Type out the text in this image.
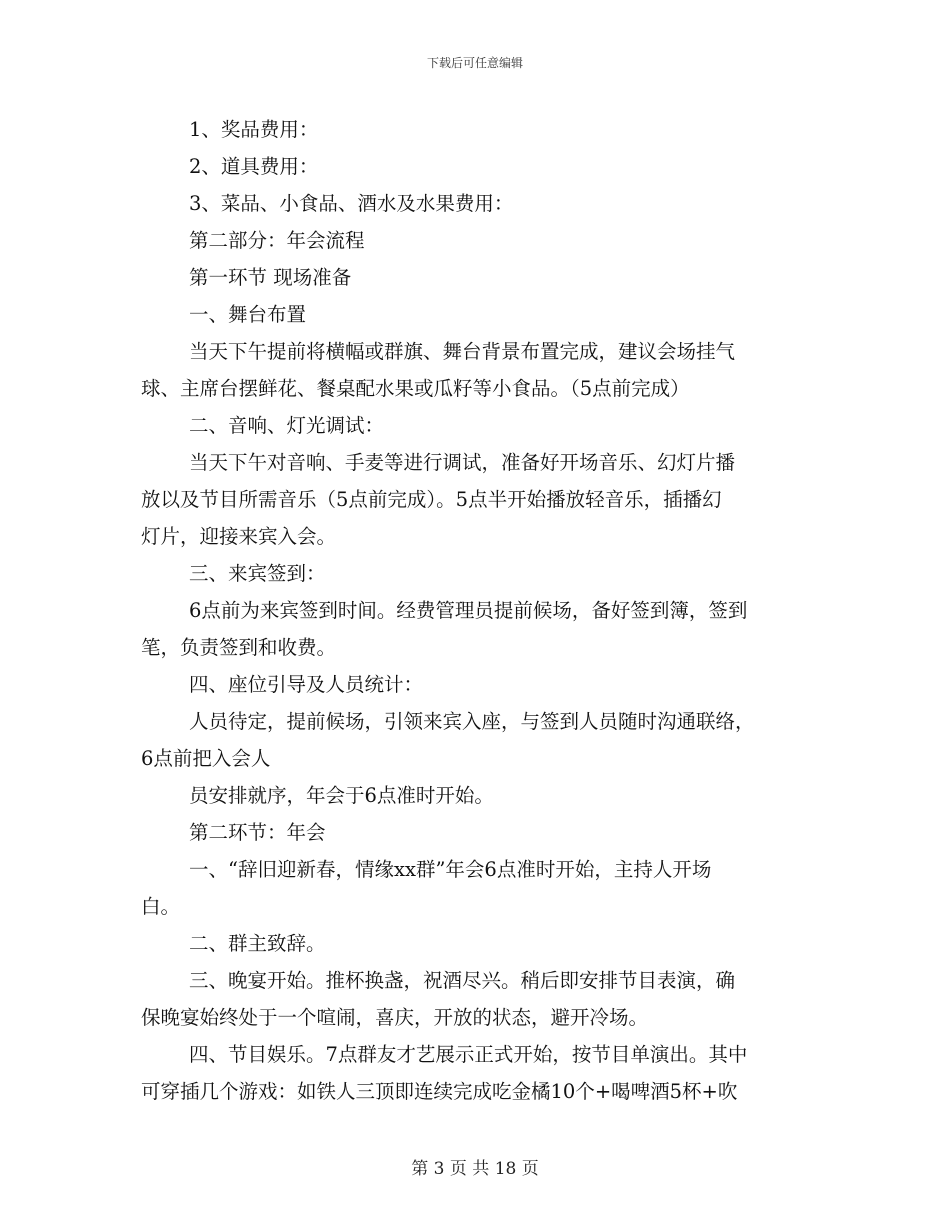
下载后可任意编辑
1、奖品费用：
2、道具费用：
3、菜品、小食品、酒水及水果费用：
第二部分：年会流程
第一环节 现场准备
一、舞台布置
当天下午提前将横幅或群旗、舞台背景布置完成，建议会场挂气
球、主席台摆鲜花、餐桌配水果或瓜籽等小食品。（5点前完成）
二、音响、灯光调试：
当天下午对音响、手麦等进行调试，准备好开场音乐、幻灯片播
放以及节目所需音乐（5点前完成）。5点半开始播放轻音乐，插播幻
灯片，迎接来宾入会。
三、来宾签到：
6点前为来宾签到时间。经费管理员提前候场，备好签到簿，签到
笔，负责签到和收费。
四、座位引导及人员统计：
人员待定，提前候场，引领来宾入座，与签到人员随时沟通联络，
6点前把入会人
员安排就序，年会于6点准时开始。
第二环节：年会
一、“辞旧迎新春，情缘xx群”年会6点准时开始，主持人开场
白。
二、群主致辞。
三、晚宴开始。推杯换盏，祝酒尽兴。稍后即安排节目表演，确
保晚宴始终处于一个喧闹，喜庆，开放的状态，避开冷场。
四、节目娱乐。7点群友才艺展示正式开始，按节目单演出。其中
可穿插几个游戏：如铁人三顶即连续完成吃金橘10个+喝啤酒5杯+吹
第 3 页 共 18 页
